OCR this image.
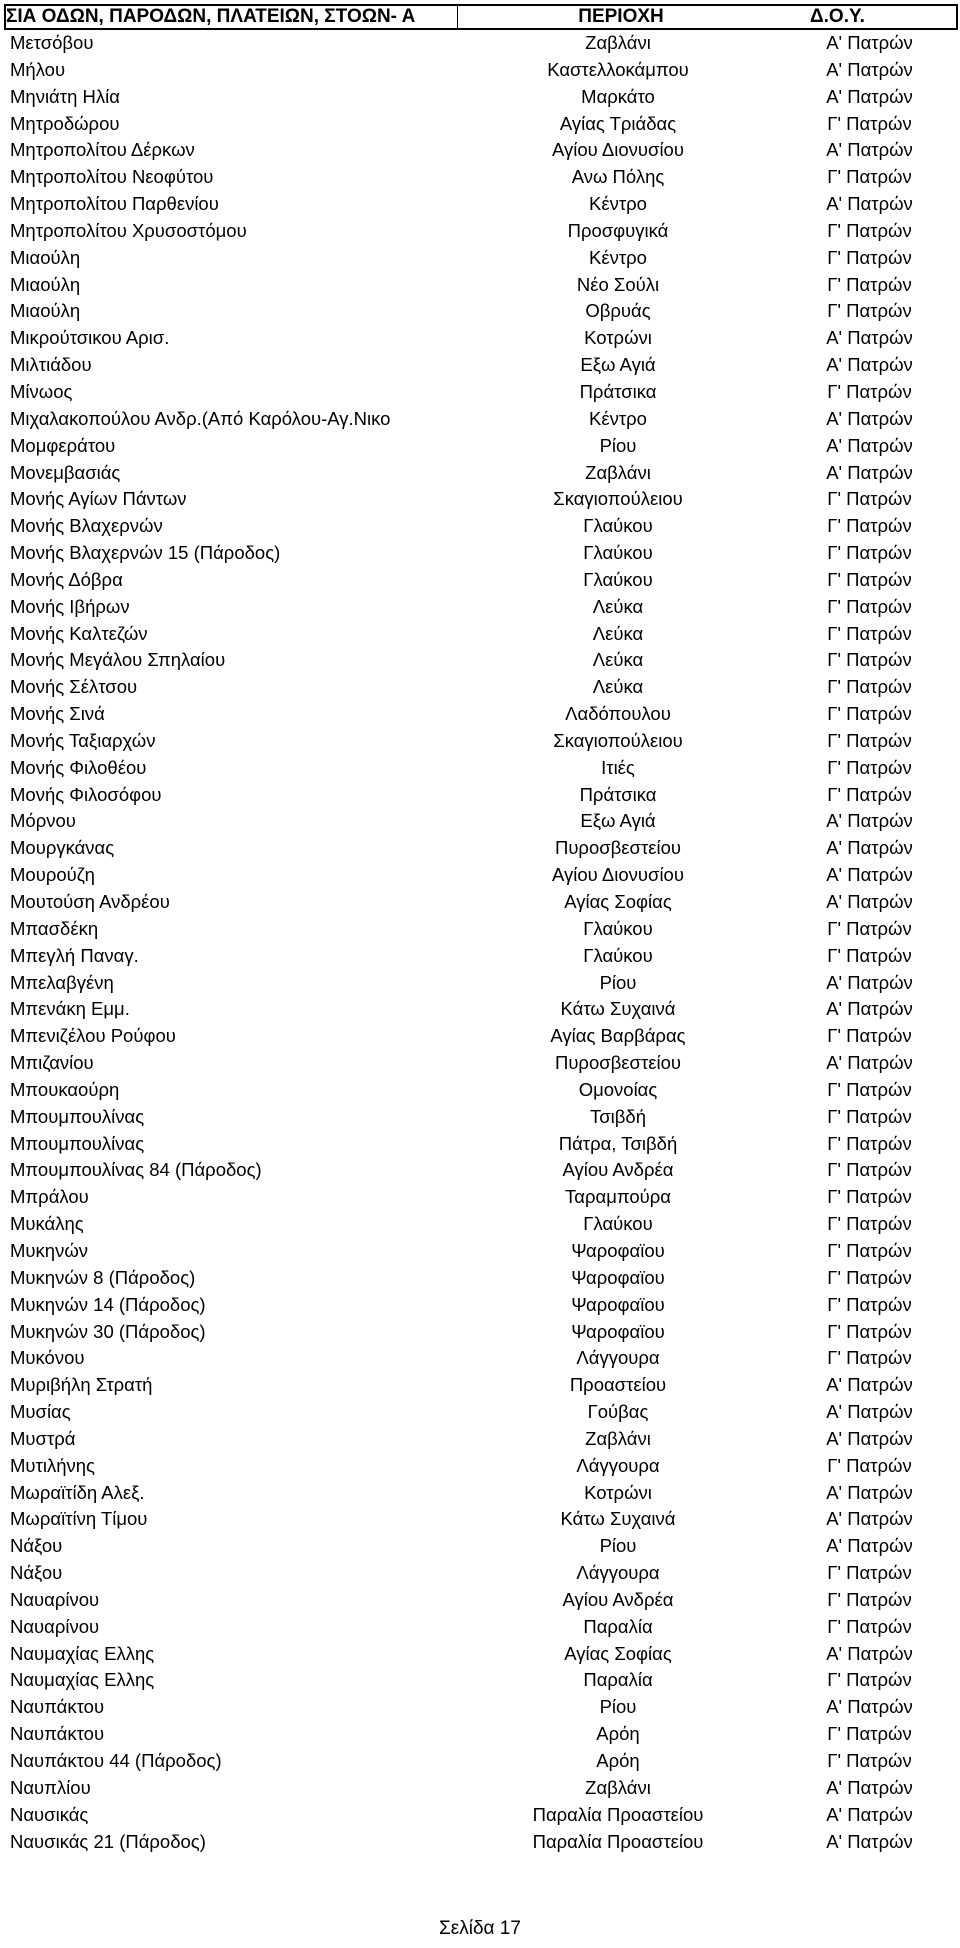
ΣΙΑ ΟΔΩΝ, ΠΑΡΟΔΩΝ, ΠΛΑΤΕΙΩΝ, ΣΤΟΩΝ- Α	ΠΕΡΙΟΧΗ	Δ.Ο.Υ.
Μετσόβου	Ζαβλάνι	Α' Πατρών
Μήλου	Καστελλοκάμπου	Α' Πατρών
Μηνιάτη Ηλία	Μαρκάτο	Α' Πατρών
Μητροδώρου	Αγίας Τριάδας	Γ' Πατρών
Μητροπολίτου Δέρκων	Αγίου Διονυσίου	Α' Πατρών
Μητροπολίτου Νεοφύτου	Ανω Πόλης	Γ' Πατρών
Μητροπολίτου Παρθενίου	Κέντρο	Α' Πατρών
Μητροπολίτου Χρυσοστόμου	Προσφυγικά	Γ' Πατρών
Μιαούλη	Κέντρο	Γ' Πατρών
Μιαούλη	Νέο Σούλι	Γ' Πατρών
Μιαούλη	Οβρυάς	Γ' Πατρών
Μικρούτσικου Αρισ.	Κοτρώνι	Α' Πατρών
Μιλτιάδου	Εξω Αγιά	Α' Πατρών
Μίνωος	Πράτσικα	Γ' Πατρών
Μιχαλακοπούλου Ανδρ.(Από Καρόλου-Αγ.Νικο	Κέντρο	Α' Πατρών
Μομφεράτου	Ρίου	Α' Πατρών
Μονεμβασιάς	Ζαβλάνι	Α' Πατρών
Μονής Αγίων Πάντων	Σκαγιοπούλειου	Γ' Πατρών
Μονής Βλαχερνών	Γλαύκου	Γ' Πατρών
Μονής Βλαχερνών 15 (Πάροδος)	Γλαύκου	Γ' Πατρών
Μονής Δόβρα	Γλαύκου	Γ' Πατρών
Μονής Ιβήρων	Λεύκα	Γ' Πατρών
Μονής Καλτεζών	Λεύκα	Γ' Πατρών
Μονής Μεγάλου Σπηλαίου	Λεύκα	Γ' Πατρών
Μονής Σέλτσου	Λεύκα	Γ' Πατρών
Μονής Σινά	Λαδόπουλου	Γ' Πατρών
Μονής Ταξιαρχών	Σκαγιοπούλειου	Γ' Πατρών
Μονής Φιλοθέου	Ιτιές	Γ' Πατρών
Μονής Φιλοσόφου	Πράτσικα	Γ' Πατρών
Μόρνου	Εξω Αγιά	Α' Πατρών
Μουργκάνας	Πυροσβεστείου	Α' Πατρών
Μουρούζη	Αγίου Διονυσίου	Α' Πατρών
Μουτούση Ανδρέου	Αγίας Σοφίας	Α' Πατρών
Μπασδέκη	Γλαύκου	Γ' Πατρών
Μπεγλή Παναγ.	Γλαύκου	Γ' Πατρών
Μπελαβγένη	Ρίου	Α' Πατρών
Μπενάκη Εμμ.	Κάτω Συχαινά	Α' Πατρών
Μπενιζέλου Ρούφου	Αγίας Βαρβάρας	Γ' Πατρών
Μπιζανίου	Πυροσβεστείου	Α' Πατρών
Μπουκαούρη	Ομονοίας	Γ' Πατρών
Μπουμπουλίνας	Τσιβδή	Γ' Πατρών
Μπουμπουλίνας	Πάτρα, Τσιβδή	Γ' Πατρών
Μπουμπουλίνας 84 (Πάροδος)	Αγίου Ανδρέα	Γ' Πατρών
Μπράλου	Ταραμπούρα	Γ' Πατρών
Μυκάλης	Γλαύκου	Γ' Πατρών
Μυκηνών	Ψαροφαϊου	Γ' Πατρών
Μυκηνών 8 (Πάροδος)	Ψαροφαϊου	Γ' Πατρών
Μυκηνών 14 (Πάροδος)	Ψαροφαϊου	Γ' Πατρών
Μυκηνών 30 (Πάροδος)	Ψαροφαϊου	Γ' Πατρών
Μυκόνου	Λάγγουρα	Γ' Πατρών
Μυριβήλη Στρατή	Προαστείου	Α' Πατρών
Μυσίας	Γούβας	Α' Πατρών
Μυστρά	Ζαβλάνι	Α' Πατρών
Μυτιλήνης	Λάγγουρα	Γ' Πατρών
Μωραϊτίδη Αλεξ.	Κοτρώνι	Α' Πατρών
Μωραϊτίνη Τίμου	Κάτω Συχαινά	Α' Πατρών
Νάξου	Ρίου	Α' Πατρών
Νάξου	Λάγγουρα	Γ' Πατρών
Ναυαρίνου	Αγίου Ανδρέα	Γ' Πατρών
Ναυαρίνου	Παραλία	Γ' Πατρών
Ναυμαχίας Ελλης	Αγίας Σοφίας	Α' Πατρών
Ναυμαχίας Ελλης	Παραλία	Γ' Πατρών
Ναυπάκτου	Ρίου	Α' Πατρών
Ναυπάκτου	Αρόη	Γ' Πατρών
Ναυπάκτου 44 (Πάροδος)	Αρόη	Γ' Πατρών
Ναυπλίου	Ζαβλάνι	Α' Πατρών
Ναυσικάς	Παραλία Προαστείου	Α' Πατρών
Ναυσικάς 21 (Πάροδος)	Παραλία Προαστείου	Α' Πατρών
Σελίδα 17
